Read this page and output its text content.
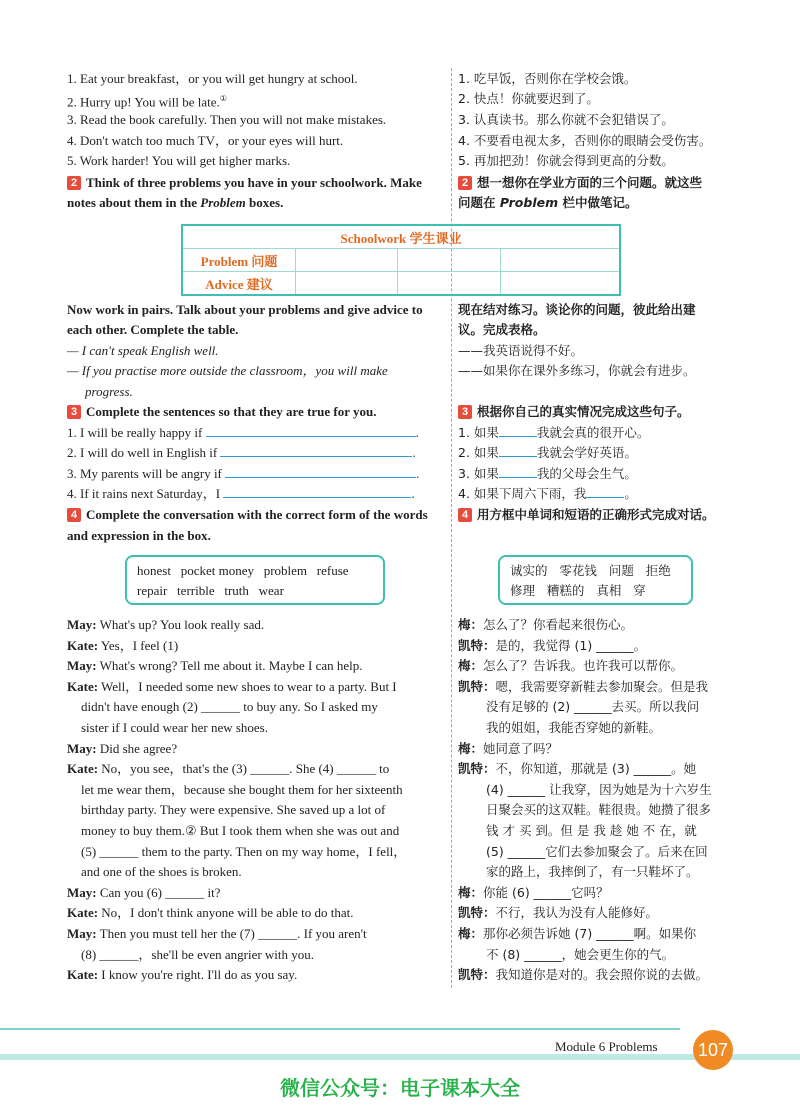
1. Eat your breakfast，or you will get hungry at school.
2. Hurry up! You will be late.①
3. Read the book carefully. Then you will not make mistakes.
4. Don't watch too much TV，or your eyes will hurt.
5. Work harder! You will get higher marks.
2 Think of three problems you have in your schoolwork. Make
notes about them in the Problem boxes.
Schoolwork 学生课业			
Problem 问题			
Advice 建议			
Now work in pairs. Talk about your problems and give advice to
each other. Complete the table.
— I can't speak English well.
— If you practise more outside the classroom，you will make
progress.
3 Complete the sentences so that they are true for you.
1. I will be really happy if	.
2. I will do well in English if	.
3. My parents will be angry if	.
4. If it rains next Saturday，I	.
4 Complete the conversation with the correct form of the words
and expression in the box.
honest   pocket money   problem   refuse
repair   terrible   truth   wear
May: What's up? You look really sad.
Kate: Yes，I feel (1)
May: What's wrong? Tell me about it. Maybe I can help.
Kate: Well，I needed some new shoes to wear to a party. But I
didn't have enough (2) ______ to buy any. So I asked my
sister if I could wear her new shoes.
May: Did she agree?
Kate: No，you see，that's the (3) ______. She (4) ______ to
let me wear them，because she bought them for her sixteenth
birthday party. They were expensive. She saved up a lot of
money to buy them.② But I took them when she was out and
(5) ______ them to the party. Then on my way home，I fell，
and one of the shoes is broken.
May: Can you (6) ______ it?
Kate: No，I don't think anyone will be able to do that.
May: Then you must tell her the (7) ______. If you aren't
(8) ______，she'll be even angrier with you.
Kate: I know you're right. I'll do as you say.
1. 吃早饭，否则你在学校会饿。
2. 快点！你就要迟到了。
3. 认真读书。那么你就不会犯错误了。
4. 不要看电视太多，否则你的眼睛会受伤害。
5. 再加把劲！你就会得到更高的分数。
2 想一想你在学业方面的三个问题。就这些
问题在 Problem 栏中做笔记。
现在结对练习。谈论你的问题，彼此给出建
议。完成表格。
——我英语说得不好。
——如果你在课外多练习，你就会有进步。
3 根据你自己的真实情况完成这些句子。
1. 如果	我就会真的很开心。
2. 如果	我就会学好英语。
3. 如果	我的父母会生气。
4. 如果下周六下雨，我	。
4 用方框中单词和短语的正确形式完成对话。
诚实的   零花钱   问题   拒绝
修理   糟糕的   真相   穿
梅：怎么了？你看起来很伤心。
凯特：是的，我觉得 (1) ______。
梅：怎么了？告诉我。也许我可以帮你。
凯特：嗯，我需要穿新鞋去参加聚会。但是我
没有足够的 (2) ______去买。所以我问
我的姐姐，我能否穿她的新鞋。
梅：她同意了吗？
凯特：不，你知道，那就是 (3) ______。她
(4) ______ 让我穿，因为她是为十六岁生
日聚会买的这双鞋。鞋很贵。她攒了很多
钱 才 买 到。但 是 我 趁 她 不 在，就
(5) ______它们去参加聚会了。后来在回
家的路上，我摔倒了，有一只鞋坏了。
梅：你能 (6) ______它吗？
凯特：不行，我认为没有人能修好。
梅：那你必须告诉她 (7) ______啊。如果你
不 (8) ______，她会更生你的气。
凯特：我知道你是对的。我会照你说的去做。
Module 6 Problems 107
微信公众号：电子课本大全
